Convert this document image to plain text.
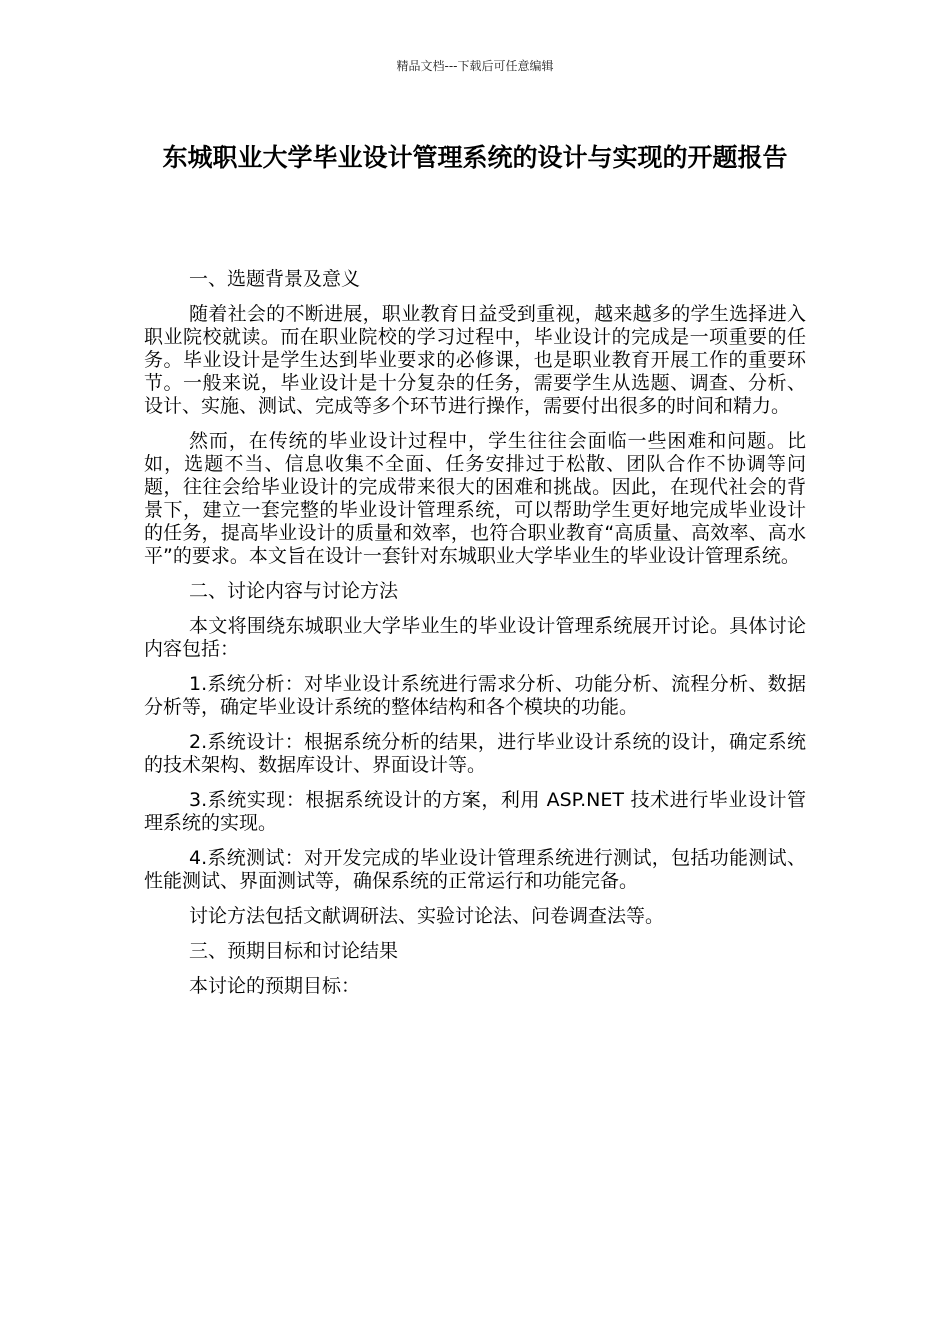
精品文档---下载后可任意编辑
东城职业大学毕业设计管理系统的设计与实现的开题报告

一、选题背景及意义

随着社会的不断进展，职业教育日益受到重视，越来越多的学生选择进入职业院校就读。而在职业院校的学习过程中，毕业设计的完成是一项重要的任务。毕业设计是学生达到毕业要求的必修课，也是职业教育开展工作的重要环节。一般来说，毕业设计是十分复杂的任务，需要学生从选题、调查、分析、设计、实施、测试、完成等多个环节进行操作，需要付出很多的时间和精力。

然而，在传统的毕业设计过程中，学生往往会面临一些困难和问题。比如，选题不当、信息收集不全面、任务安排过于松散、团队合作不协调等问题，往往会给毕业设计的完成带来很大的困难和挑战。因此，在现代社会的背景下，建立一套完整的毕业设计管理系统，可以帮助学生更好地完成毕业设计的任务，提高毕业设计的质量和效率，也符合职业教育“高质量、高效率、高水平”的要求。本文旨在设计一套针对东城职业大学毕业生的毕业设计管理系统。

二、讨论内容与讨论方法

本文将围绕东城职业大学毕业生的毕业设计管理系统展开讨论。具体讨论内容包括：

1.系统分析：对毕业设计系统进行需求分析、功能分析、流程分析、数据分析等，确定毕业设计系统的整体结构和各个模块的功能。

2.系统设计：根据系统分析的结果，进行毕业设计系统的设计，确定系统的技术架构、数据库设计、界面设计等。

3.系统实现：根据系统设计的方案，利用 ASP.NET 技术进行毕业设计管理系统的实现。

4.系统测试：对开发完成的毕业设计管理系统进行测试，包括功能测试、性能测试、界面测试等，确保系统的正常运行和功能完备。

讨论方法包括文献调研法、实验讨论法、问卷调查法等。

三、预期目标和讨论结果

本讨论的预期目标：
